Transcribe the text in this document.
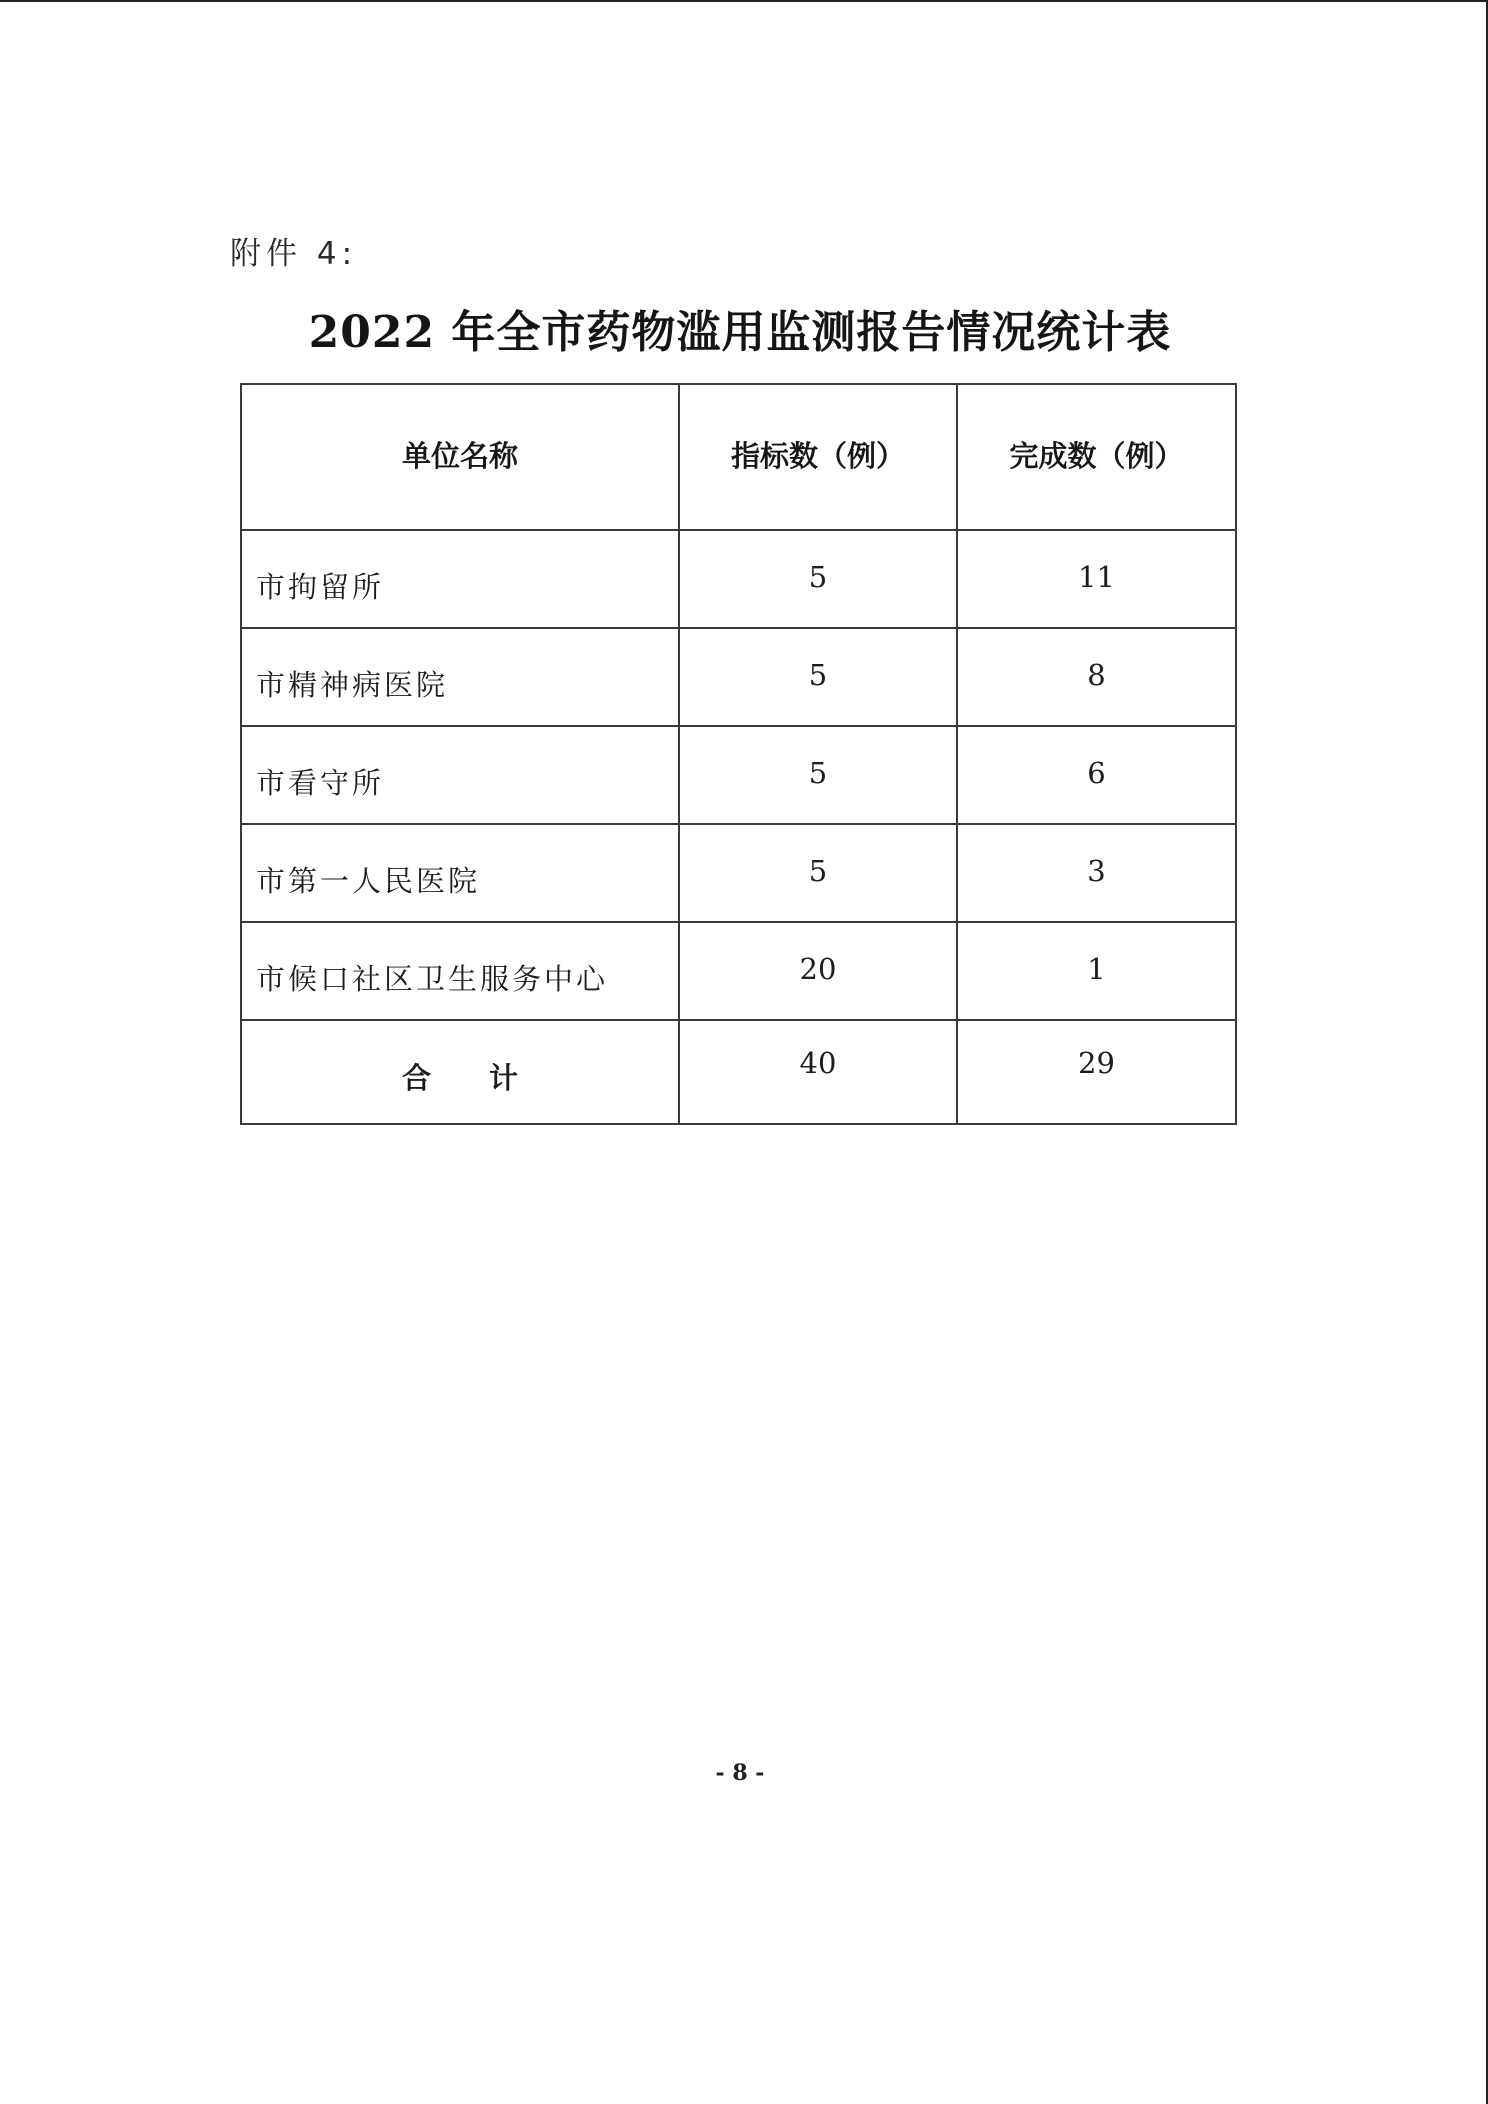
附件 4:
2022 年全市药物滥用监测报告情况统计表
单位名称	指标数（例）	完成数（例）
市拘留所	5	11
市精神病医院	5	8
市看守所	5	6
市第一人民医院	5	3
市候口社区卫生服务中心	20	1
合计	40	29
- 8 -
